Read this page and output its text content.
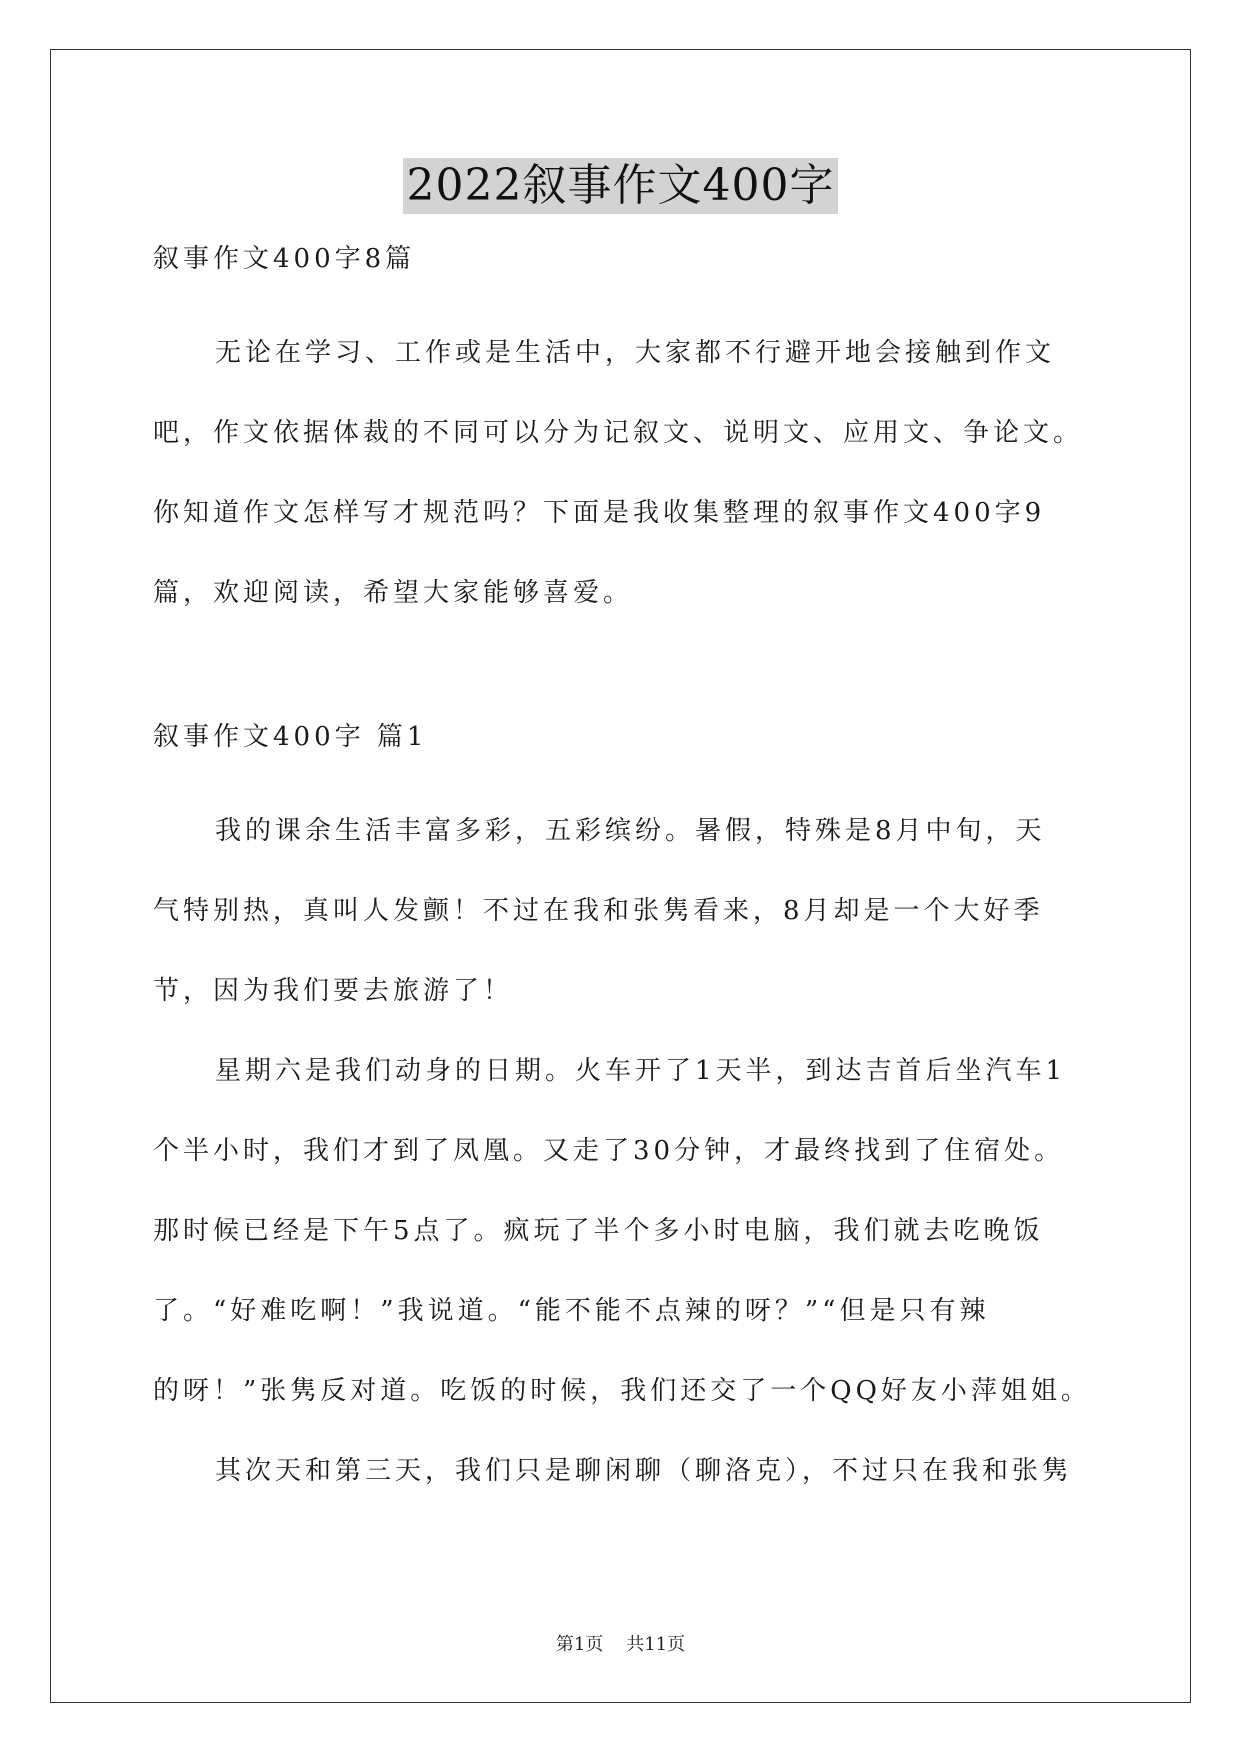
2022叙事作文400字
叙事作文400字8篇

无论在学习、工作或是生活中，大家都不行避开地会接触到作文
吧，作文依据体裁的不同可以分为记叙文、说明文、应用文、争论文。
你知道作文怎样写才规范吗？下面是我收集整理的叙事作文400字9
篇，欢迎阅读，希望大家能够喜爱。

叙事作文400字 篇1

我的课余生活丰富多彩，五彩缤纷。暑假，特殊是8月中旬，天
气特别热，真叫人发颤！不过在我和张隽看来，8月却是一个大好季
节，因为我们要去旅游了！

星期六是我们动身的日期。火车开了1天半，到达吉首后坐汽车1
个半小时，我们才到了凤凰。又走了30分钟，才最终找到了住宿处。
那时候已经是下午5点了。疯玩了半个多小时电脑，我们就去吃晚饭
了。“好难吃啊！”我说道。“能不能不点辣的呀？”“但是只有辣
的呀！”张隽反对道。吃饭的时候，我们还交了一个QQ好友小萍姐姐。

其次天和第三天，我们只是聊闲聊（聊洛克），不过只在我和张隽

第1页    共11页
